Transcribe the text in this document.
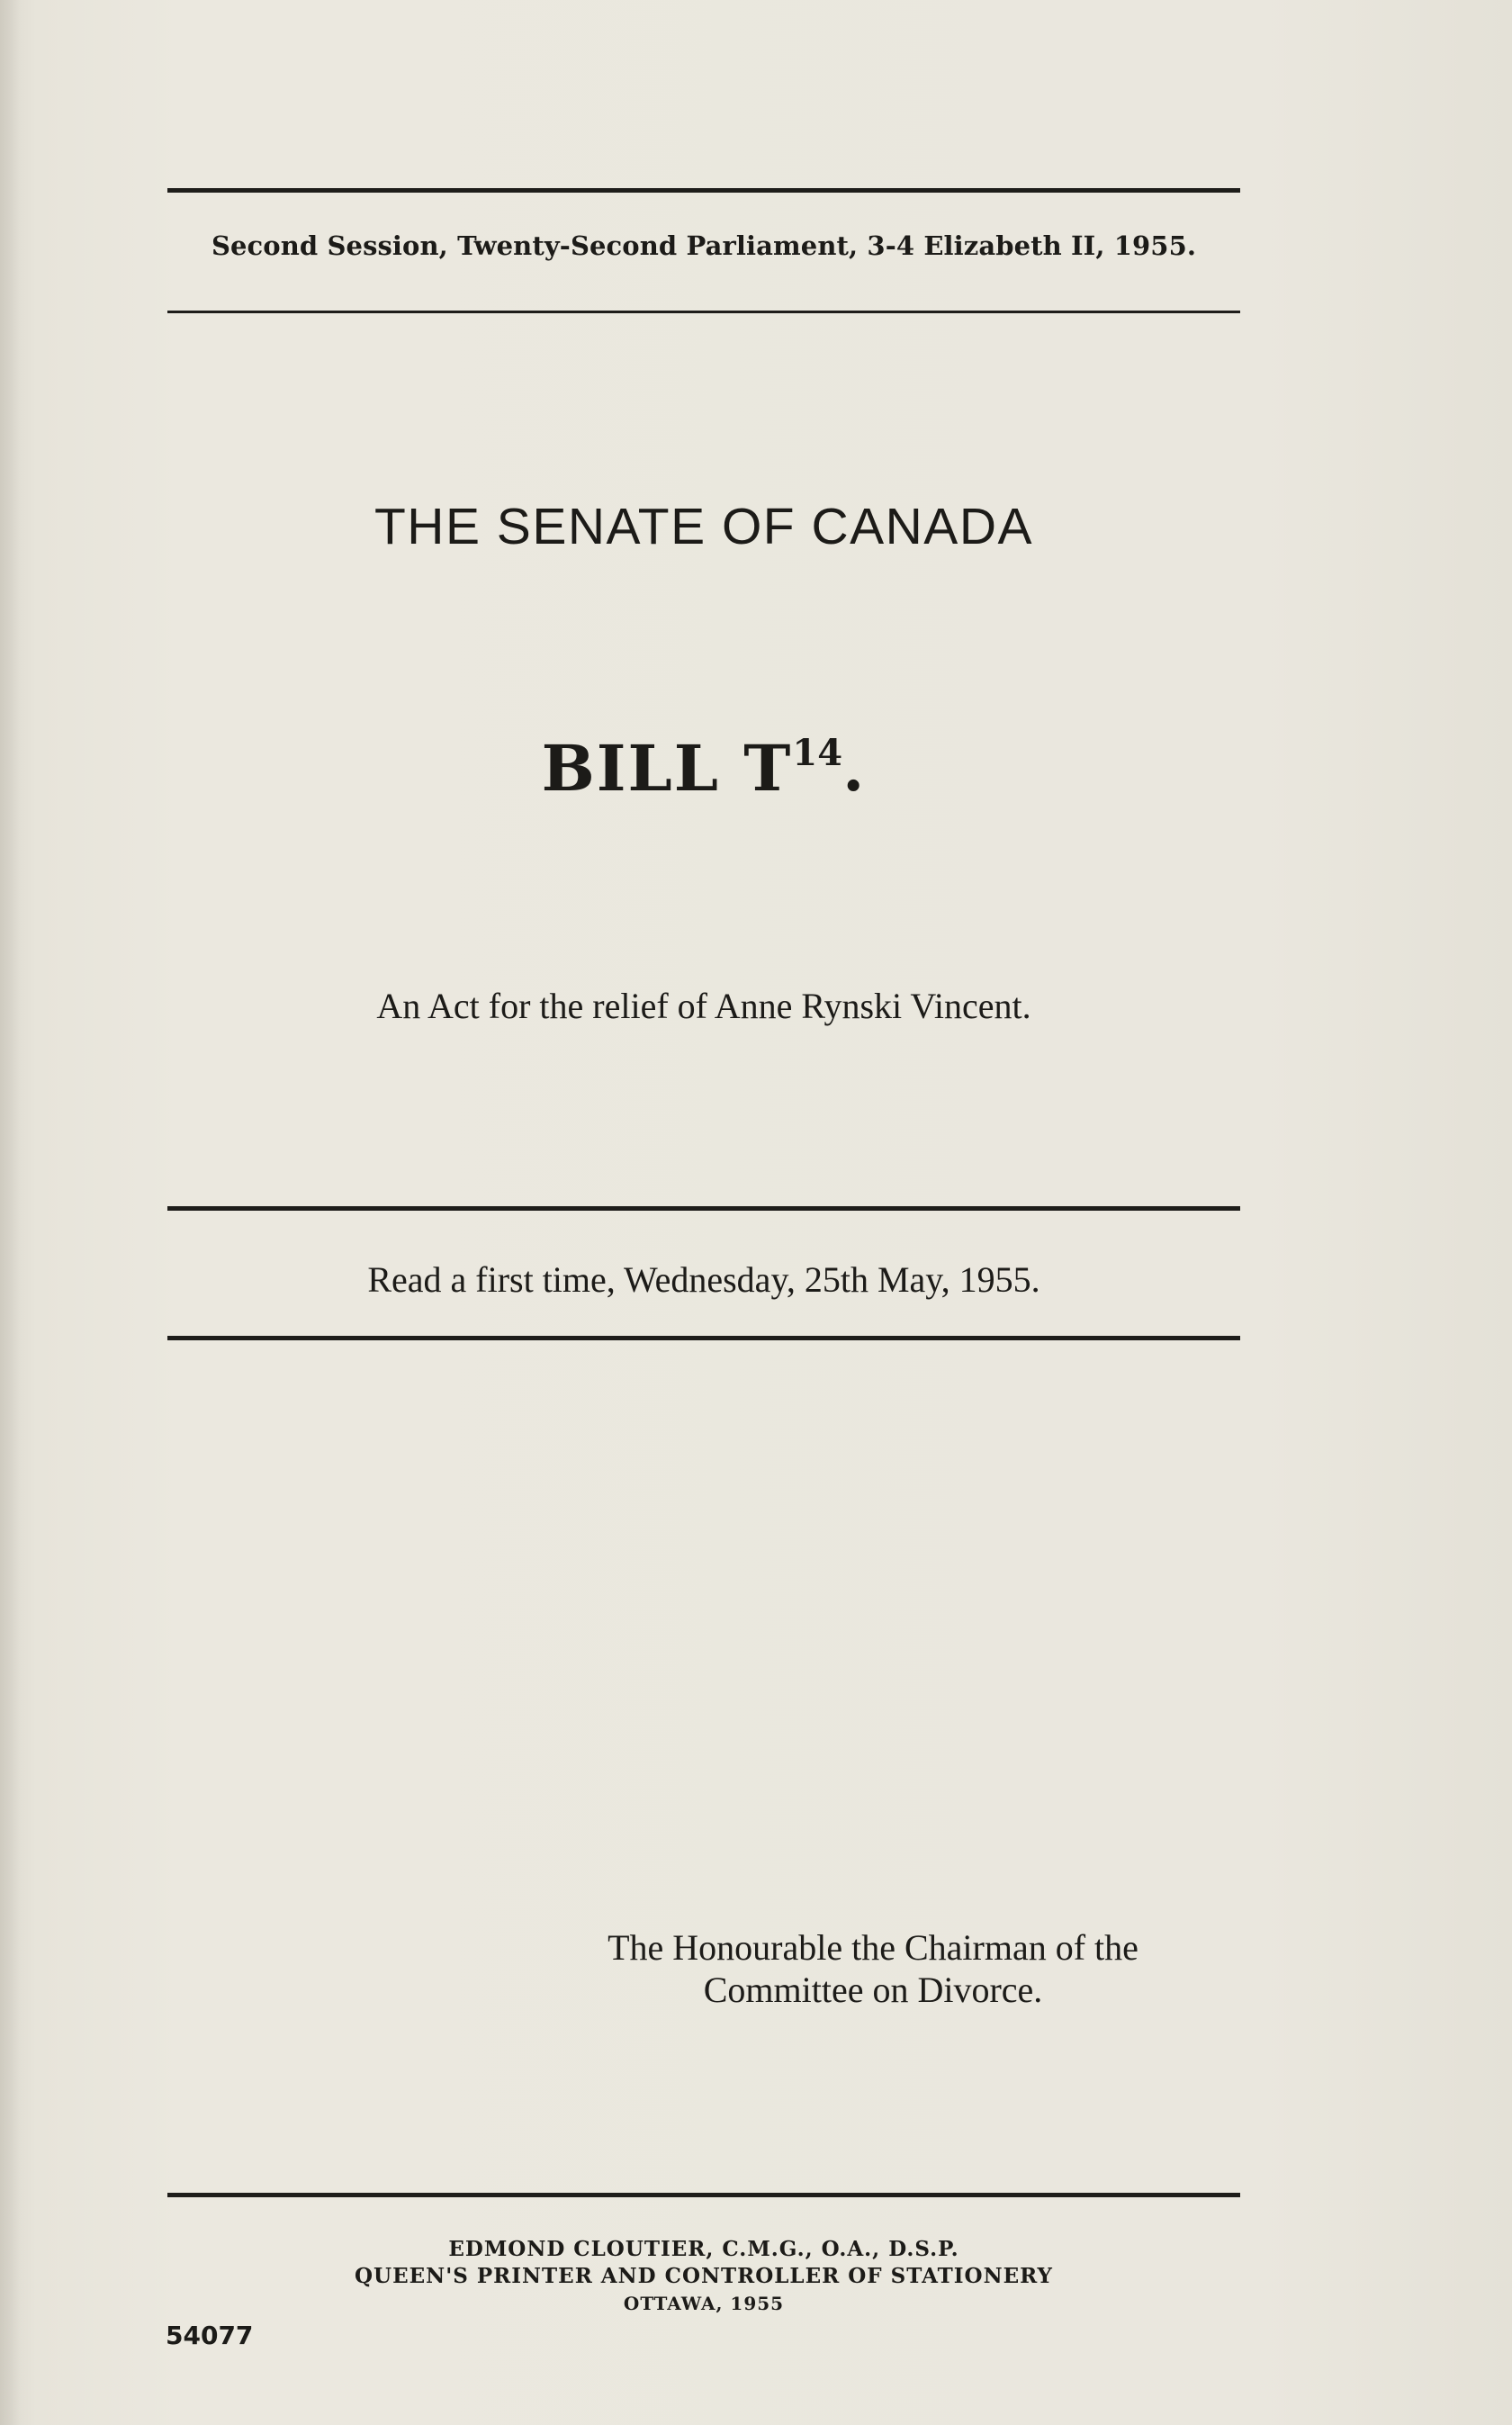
Second Session, Twenty-Second Parliament, 3-4 Elizabeth II, 1955.
THE SENATE OF CANADA
BILL $T^{14}$.
An Act for the relief of Anne Rynski Vincent.
Read a first time, Wednesday, 25th May, 1955.
The Honourable the Chairman of the
Committee on Divorce.
EDMOND CLOUTIER, C.M.G., O.A., D.S.P.
QUEEN'S PRINTER AND CONTROLLER OF STATIONERY
OTTAWA, 1955
54077
